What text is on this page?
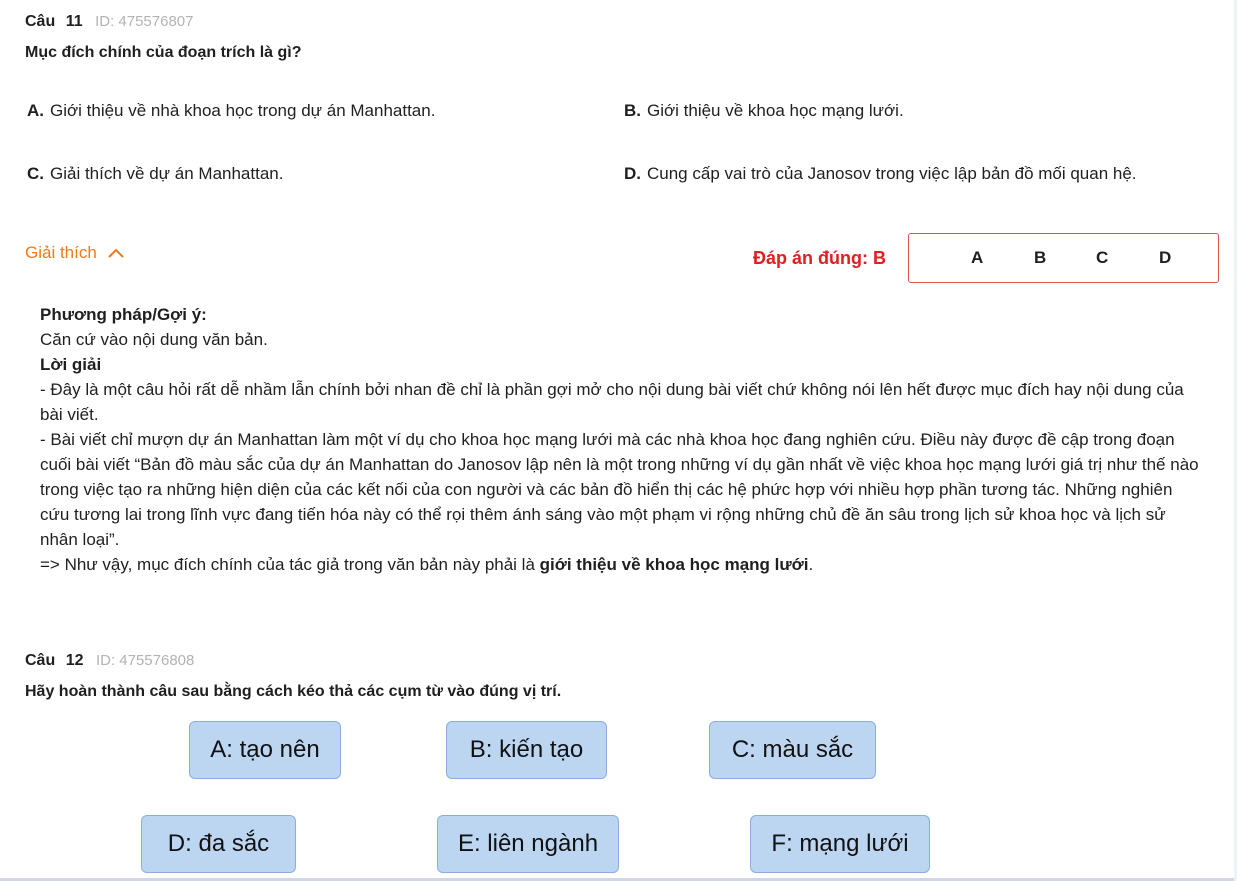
Câu 11 ID: 475576807
Mục đích chính của đoạn trích là gì?
A. Giới thiệu về nhà khoa học trong dự án Manhattan.	B. Giới thiệu về khoa học mạng lưới.
C. Giải thích về dự án Manhattan.	D. Cung cấp vai trò của Janosov trong việc lập bản đồ mối quan hệ.
Giải thích	Đáp án đúng: B	A	B	C	D
Phương pháp/Gợi ý:
Căn cứ vào nội dung văn bản.
Lời giải
- Đây là một câu hỏi rất dễ nhầm lẫn chính bởi nhan đề chỉ là phần gợi mở cho nội dung bài viết chứ không nói lên hết được mục đích hay nội dung của bài viết.
- Bài viết chỉ mượn dự án Manhattan làm một ví dụ cho khoa học mạng lưới mà các nhà khoa học đang nghiên cứu. Điều này được đề cập trong đoạn cuối bài viết “Bản đồ màu sắc của dự án Manhattan do Janosov lập nên là một trong những ví dụ gần nhất về việc khoa học mạng lưới giá trị như thế nào trong việc tạo ra những hiện diện của các kết nối của con người và các bản đồ hiển thị các hệ phức hợp với nhiều hợp phần tương tác. Những nghiên cứu tương lai trong lĩnh vực đang tiến hóa này có thể rọi thêm ánh sáng vào một phạm vi rộng những chủ đề ăn sâu trong lịch sử khoa học và lịch sử nhân loại”.
=> Như vậy, mục đích chính của tác giả trong văn bản này phải là giới thiệu về khoa học mạng lưới.
Câu 12 ID: 475576808
Hãy hoàn thành câu sau bằng cách kéo thả các cụm từ vào đúng vị trí.
A: tạo nên	B: kiến tạo	C: màu sắc
D: đa sắc	E: liên ngành	F: mạng lưới
